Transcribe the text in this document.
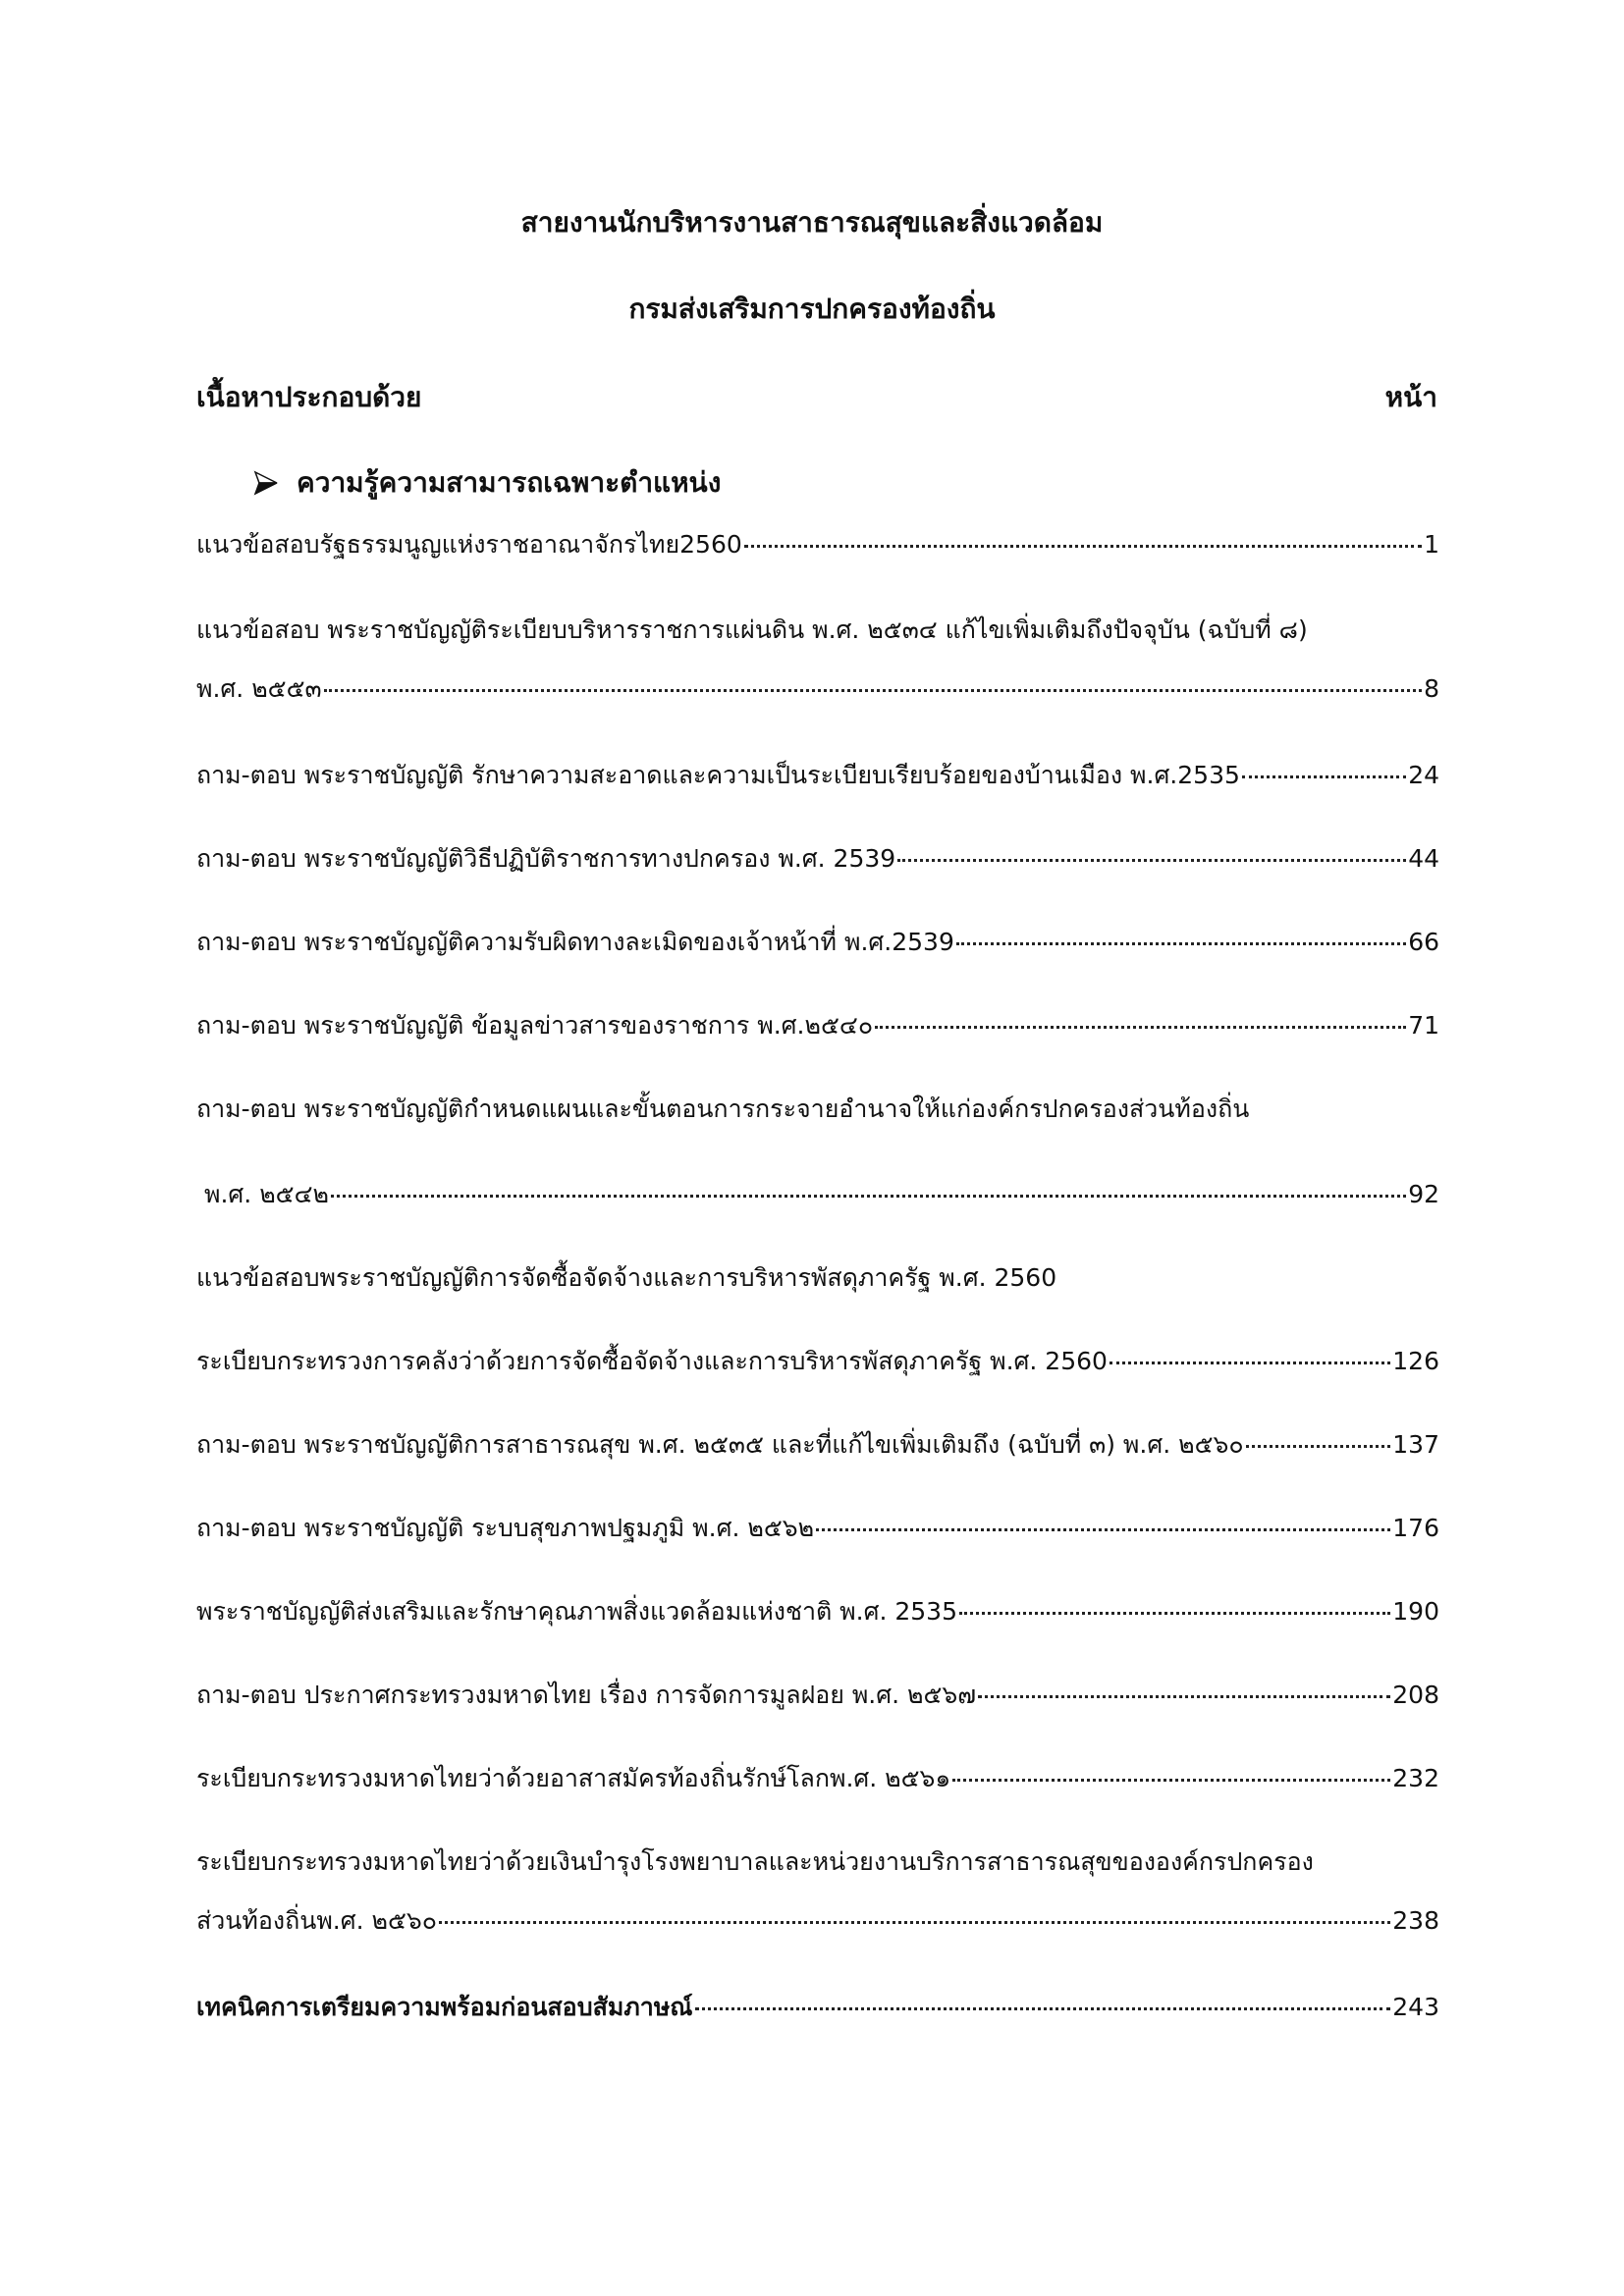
สายงานนักบริหารงานสาธารณสุขและสิ่งแวดล้อม
กรมส่งเสริมการปกครองท้องถิ่น
เนื้อหาประกอบด้วย	หน้า
ความรู้ความสามารถเฉพาะตำแหน่ง
แนวข้อสอบรัฐธรรมนูญแห่งราชอาณาจักรไทย2560	1
แนวข้อสอบ พระราชบัญญัติระเบียบบริหารราชการแผ่นดิน พ.ศ. ๒๕๓๔ แก้ไขเพิ่มเติมถึงปัจจุบัน (ฉบับที่ ๘)
พ.ศ. ๒๕๕๓	8
ถาม-ตอบ พระราชบัญญัติ รักษาความสะอาดและความเป็นระเบียบเรียบร้อยของบ้านเมือง พ.ศ.2535	24
ถาม-ตอบ พระราชบัญญัติวิธีปฏิบัติราชการทางปกครอง พ.ศ. 2539	44
ถาม-ตอบ พระราชบัญญัติความรับผิดทางละเมิดของเจ้าหน้าที่ พ.ศ.2539	66
ถาม-ตอบ พระราชบัญญัติ ข้อมูลข่าวสารของราชการ พ.ศ.๒๕๔๐	71
ถาม-ตอบ พระราชบัญญัติกำหนดแผนและขั้นตอนการกระจายอำนาจให้แก่องค์กรปกครองส่วนท้องถิ่น
พ.ศ. ๒๕๔๒	92
แนวข้อสอบพระราชบัญญัติการจัดซื้อจัดจ้างและการบริหารพัสดุภาครัฐ พ.ศ. 2560
ระเบียบกระทรวงการคลังว่าด้วยการจัดซื้อจัดจ้างและการบริหารพัสดุภาครัฐ พ.ศ. 2560	126
ถาม-ตอบ พระราชบัญญัติการสาธารณสุข พ.ศ. ๒๕๓๕ และที่แก้ไขเพิ่มเติมถึง (ฉบับที่ ๓) พ.ศ. ๒๕๖๐	137
ถาม-ตอบ พระราชบัญญัติ ระบบสุขภาพปฐมภูมิ พ.ศ. ๒๕๖๒	176
พระราชบัญญัติส่งเสริมและรักษาคุณภาพสิ่งแวดล้อมแห่งชาติ พ.ศ. 2535	190
ถาม-ตอบ ประกาศกระทรวงมหาดไทย เรื่อง การจัดการมูลฝอย พ.ศ. ๒๕๖๗	208
ระเบียบกระทรวงมหาดไทยว่าด้วยอาสาสมัครท้องถิ่นรักษ์โลกพ.ศ. ๒๕๖๑	232
ระเบียบกระทรวงมหาดไทยว่าด้วยเงินบำรุงโรงพยาบาลและหน่วยงานบริการสาธารณสุขขององค์กรปกครอง
ส่วนท้องถิ่นพ.ศ. ๒๕๖๐	238
เทคนิคการเตรียมความพร้อมก่อนสอบสัมภาษณ์	243
